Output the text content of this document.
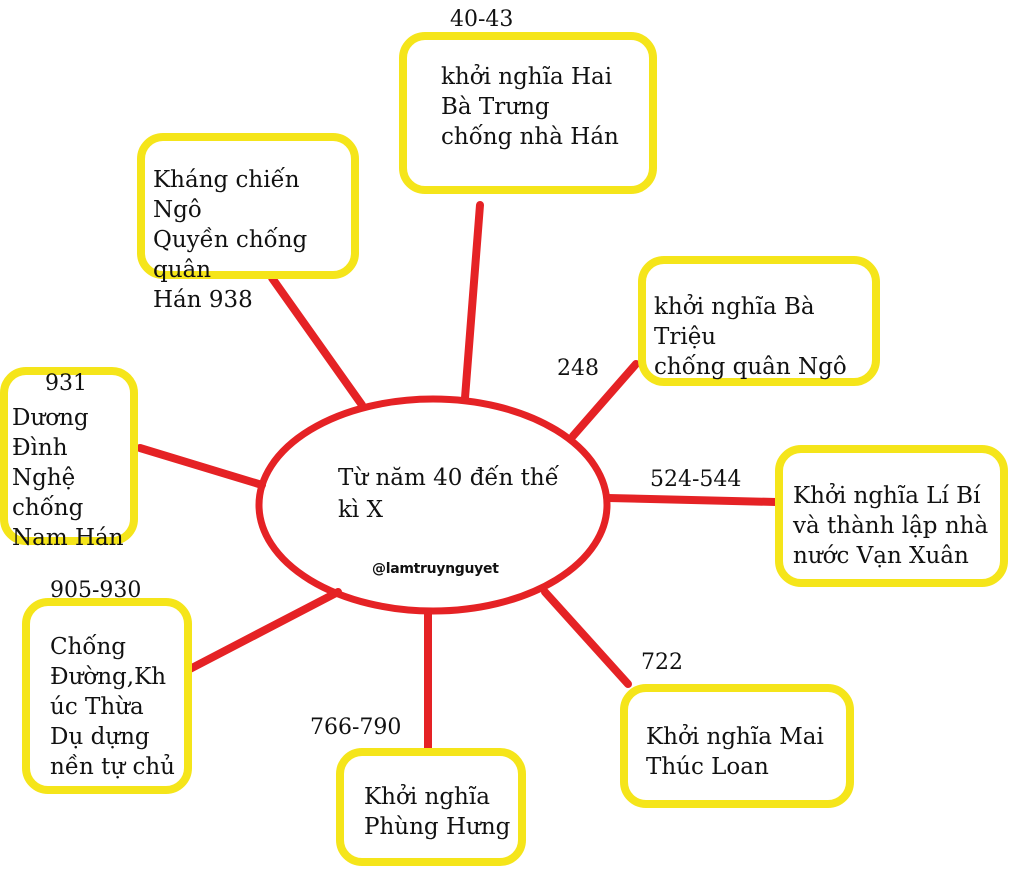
Từ năm 40 đến thế
kì X
@lamtruynguyet
khởi nghĩa Hai
Bà Trưng
chống nhà Hán
Kháng chiến Ngô
Quyền chống quân
Hán 938	khởi nghĩa Bà Triệu
chống quân Ngô
Dương
Đình Nghệ
chống
Nam Hán
Khởi nghĩa Lí Bí
và thành lập nhà
nước Vạn Xuân
Chống
Đường,Kh
úc Thừa
Dụ dựng
nền tự chủ
Khởi nghĩa Mai
Thúc Loan
Khởi nghĩa
Phùng Hưng
40-43
248
931
524-544
905-930
722
766-790
